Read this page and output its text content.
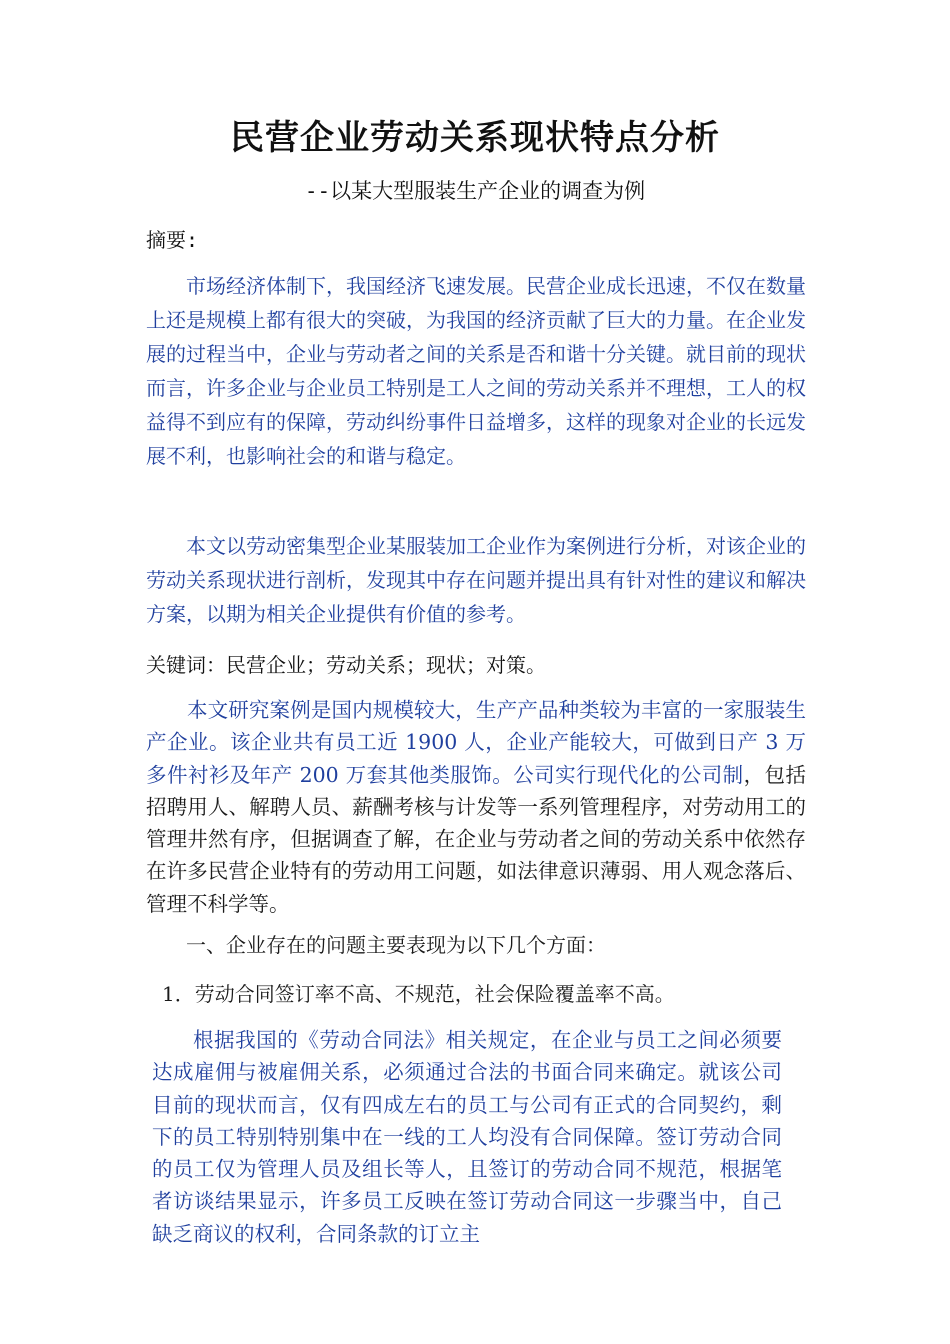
民营企业劳动关系现状特点分析
--以某大型服装生产企业的调查为例
摘要:

市场经济体制下，我国经济飞速发展。民营企业成长迅速，不仅在数量上还是规模上都有很大的突破，为我国的经济贡献了巨大的力量。在企业发展的过程当中，企业与劳动者之间的关系是否和谐十分关键。就目前的现状而言，许多企业与企业员工特别是工人之间的劳动关系并不理想，工人的权益得不到应有的保障，劳动纠纷事件日益增多，这样的现象对企业的长远发展不利，也影响社会的和谐与稳定。

本文以劳动密集型企业某服装加工企业作为案例进行分析，对该企业的劳动关系现状进行剖析，发现其中存在问题并提出具有针对性的建议和解决方案，以期为相关企业提供有价值的参考。

关键词：民营企业；劳动关系；现状；对策。

本文研究案例是国内规模较大，生产产品种类较为丰富的一家服装生产企业。该企业共有员工近 1900 人，企业产能较大，可做到日产 3 万多件衬衫及年产 200 万套其他类服饰。公司实行现代化的公司制，包括招聘用人、解聘人员、薪酬考核与计发等一系列管理程序，对劳动用工的管理井然有序，但据调查了解，在企业与劳动者之间的劳动关系中依然存在许多民营企业特有的劳动用工问题，如法律意识薄弱、用人观念落后、管理不科学等。

一、企业存在的问题主要表现为以下几个方面：
1．劳动合同签订率不高、不规范，社会保险覆盖率不高。

根据我国的《劳动合同法》相关规定，在企业与员工之间必须要达成雇佣与被雇佣关系，必须通过合法的书面合同来确定。就该公司目前的现状而言，仅有四成左右的员工与公司有正式的合同契约，剩下的员工特别特别集中在一线的工人均没有合同保障。签订劳动合同的员工仅为管理人员及组长等人，且签订的劳动合同不规范，根据笔者访谈结果显示，许多员工反映在签订劳动合同这一步骤当中，自己缺乏商议的权利，合同条款的订立主
